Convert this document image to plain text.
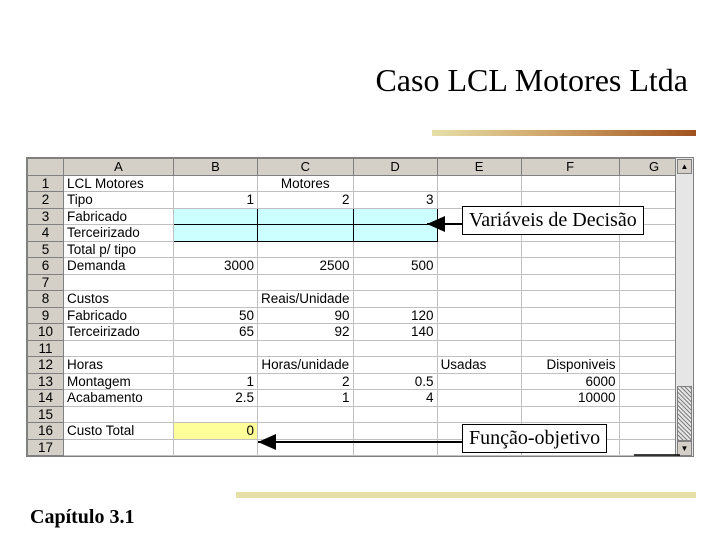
Caso LCL Motores Ltda
	A	B	C	D	E	F	G
1	LCL Motores		Motores				
2	Tipo	1	2	3			
3	Fabricado						
4	Terceirizado						
5	Total p/ tipo						
6	Demanda	3000	2500	500			
7							
8	Custos		Reais/Unidade				
9	Fabricado	50	90	120			
10	Terceirizado	65	92	140			
11							
12	Horas		Horas/unidade		Usadas	Disponiveis	
13	Montagem	1	2	0.5		6000	
14	Acabamento	2.5	1	4		10000	
15							
16	Custo Total	0					
17							
▲
▼
Variáveis de Decisão
Função-objetivo
Capítulo 3.1
